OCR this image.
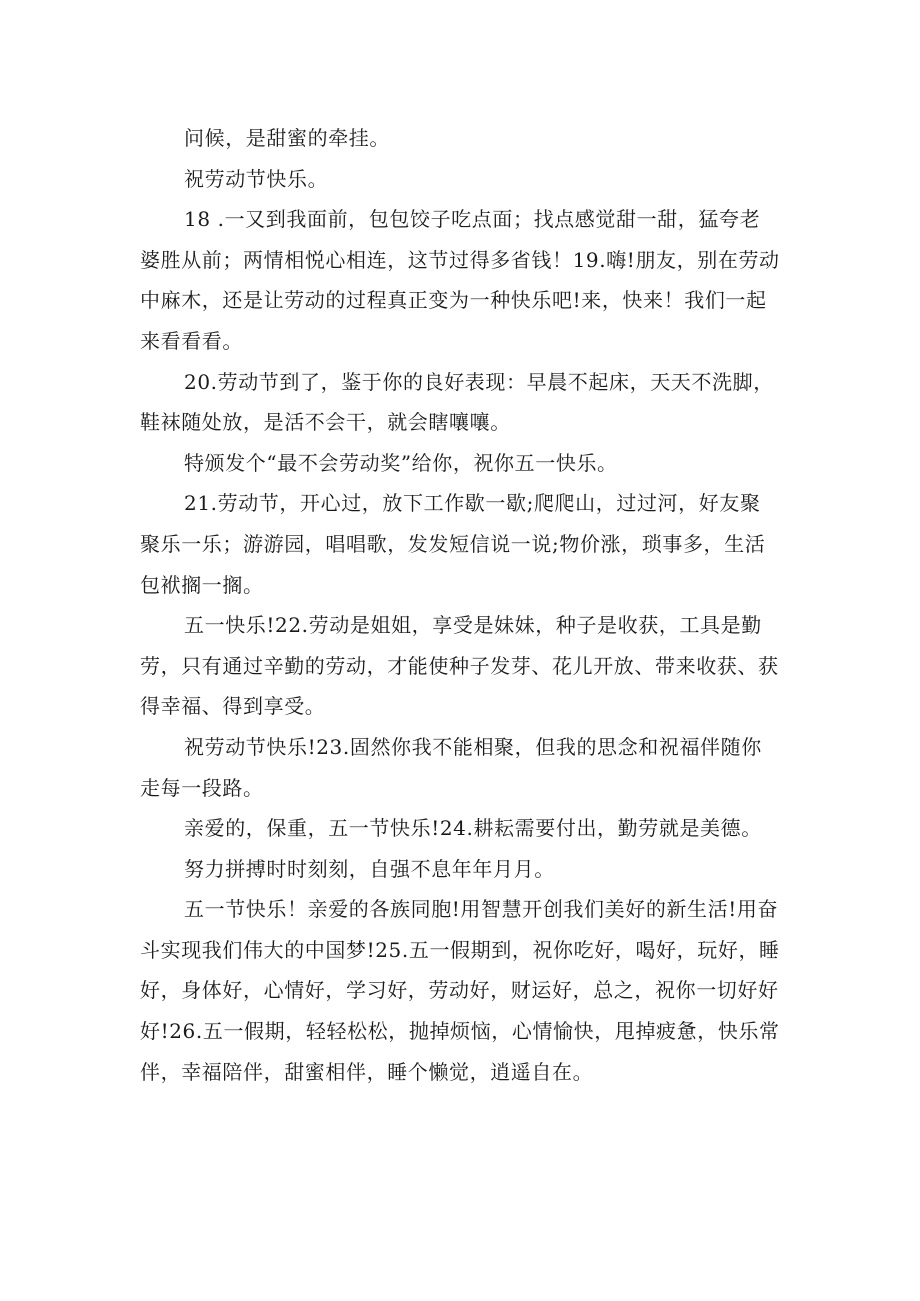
问候，是甜蜜的牵挂。

祝劳动节快乐。

18 .一又到我面前，包包饺子吃点面；找点感觉甜一甜，猛夸老婆胜从前；两情相悦心相连，这节过得多省钱！19.嗨!朋友，别在劳动中麻木，还是让劳动的过程真正变为一种快乐吧!来，快来！我们一起来看看看。

20.劳动节到了，鉴于你的良好表现：早晨不起床，天天不洗脚，鞋袜随处放，是活不会干，就会瞎嚷嚷。

特颁发个“最不会劳动奖”给你，祝你五一快乐。

21.劳动节，开心过，放下工作歇一歇;爬爬山，过过河，好友聚聚乐一乐；游游园，唱唱歌，发发短信说一说;物价涨，琐事多，生活包袱搁一搁。

五一快乐!22.劳动是姐姐，享受是妹妹，种子是收获，工具是勤劳，只有通过辛勤的劳动，才能使种子发芽、花儿开放、带来收获、获得幸福、得到享受。

祝劳动节快乐!23.固然你我不能相聚，但我的思念和祝福伴随你走每一段路。

亲爱的，保重，五一节快乐!24.耕耘需要付出，勤劳就是美德。

努力拼搏时时刻刻，自强不息年年月月。

五一节快乐！亲爱的各族同胞!用智慧开创我们美好的新生活!用奋斗实现我们伟大的中国梦!25.五一假期到，祝你吃好，喝好，玩好，睡好，身体好，心情好，学习好，劳动好，财运好，总之，祝你一切好好好!26.五一假期，轻轻松松，抛掉烦恼，心情愉快，甩掉疲惫，快乐常伴，幸福陪伴，甜蜜相伴，睡个懒觉，逍遥自在。
